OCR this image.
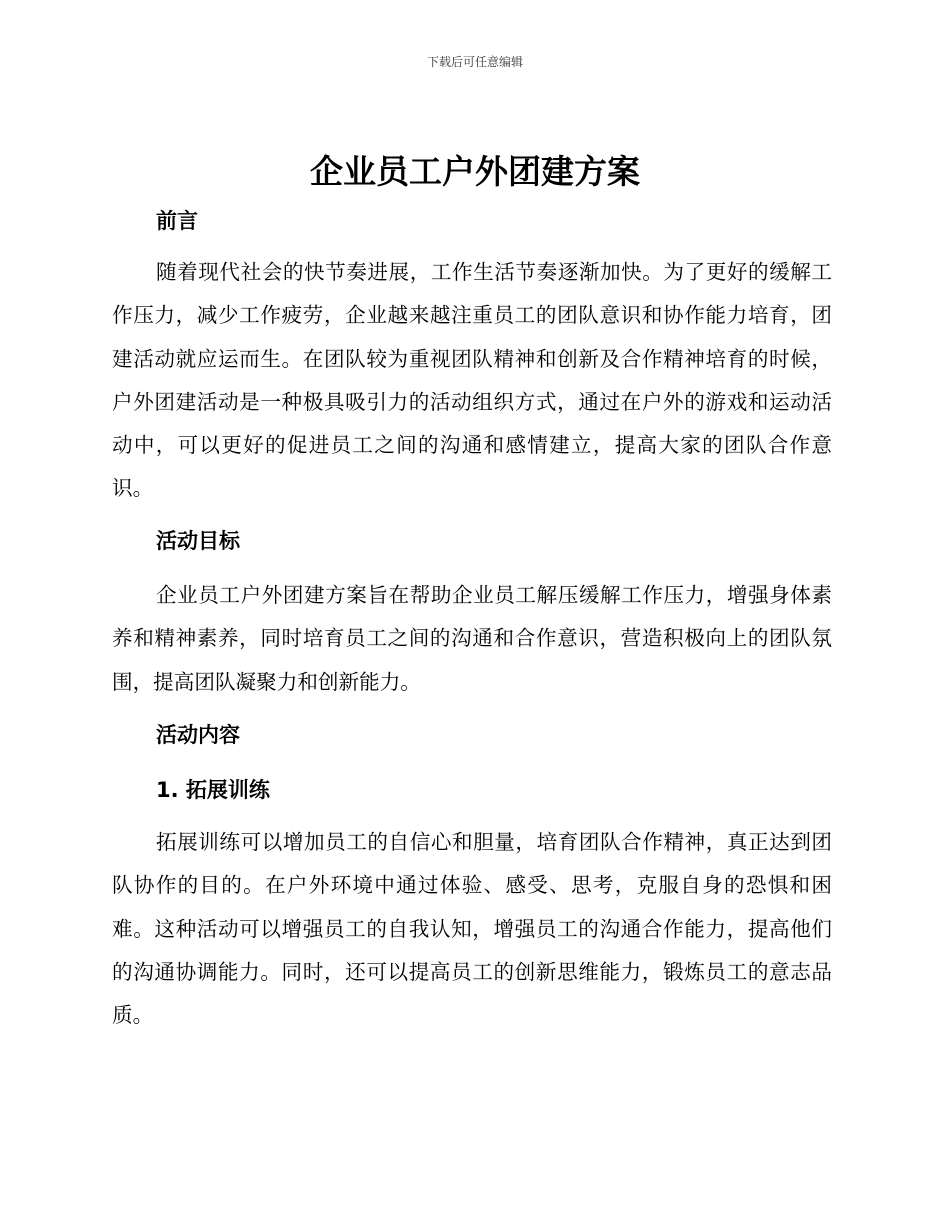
下载后可任意编辑
企业员工户外团建方案
前言

随着现代社会的快节奏进展，工作生活节奏逐渐加快。为了更好的缓解工作压力，减少工作疲劳，企业越来越注重员工的团队意识和协作能力培育，团建活动就应运而生。在团队较为重视团队精神和创新及合作精神培育的时候，户外团建活动是一种极具吸引力的活动组织方式，通过在户外的游戏和运动活动中，可以更好的促进员工之间的沟通和感情建立，提高大家的团队合作意识。

活动目标

企业员工户外团建方案旨在帮助企业员工解压缓解工作压力，增强身体素养和精神素养，同时培育员工之间的沟通和合作意识，营造积极向上的团队氛围，提高团队凝聚力和创新能力。

活动内容
1. 拓展训练

拓展训练可以增加员工的自信心和胆量，培育团队合作精神，真正达到团队协作的目的。在户外环境中通过体验、感受、思考，克服自身的恐惧和困难。这种活动可以增强员工的自我认知，增强员工的沟通合作能力，提高他们的沟通协调能力。同时，还可以提高员工的创新思维能力，锻炼员工的意志品质。
